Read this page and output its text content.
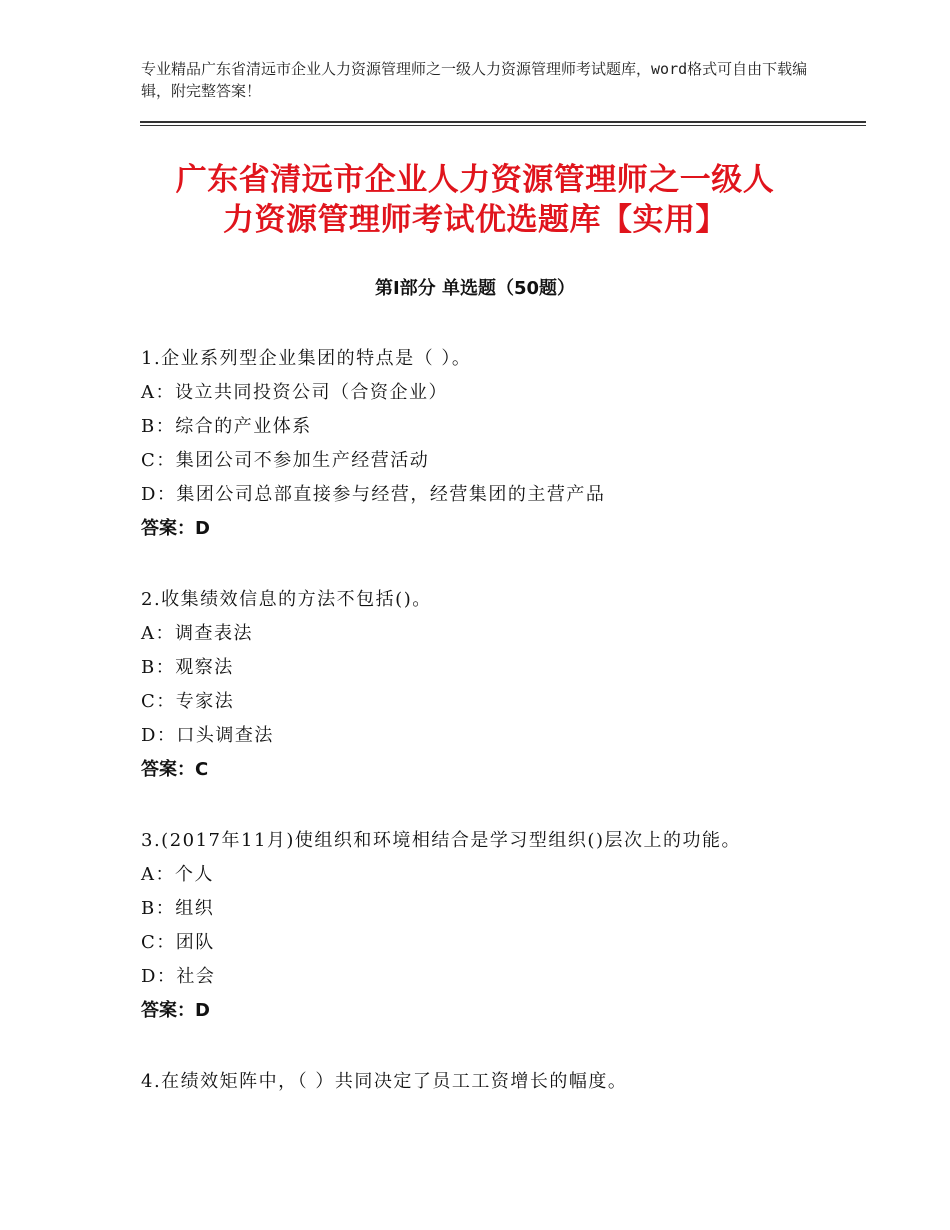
专业精品广东省清远市企业人力资源管理师之一级人力资源管理师考试题库，word格式可自由下载编辑，附完整答案！
广东省清远市企业人力资源管理师之一级人
力资源管理师考试优选题库【实用】
第Ⅰ部分 单选题（50题）
1.企业系列型企业集团的特点是（ ）。
A：设立共同投资公司（合资企业）
B：综合的产业体系
C：集团公司不参加生产经营活动
D：集团公司总部直接参与经营，经营集团的主营产品
答案：D
2.收集绩效信息的方法不包括()。
A：调查表法
B：观察法
C：专家法
D：口头调查法
答案：C
3.(2017年11月)使组织和环境相结合是学习型组织()层次上的功能。
A：个人
B：组织
C：团队
D：社会
答案：D
4.在绩效矩阵中，（ ）共同决定了员工工资增长的幅度。
